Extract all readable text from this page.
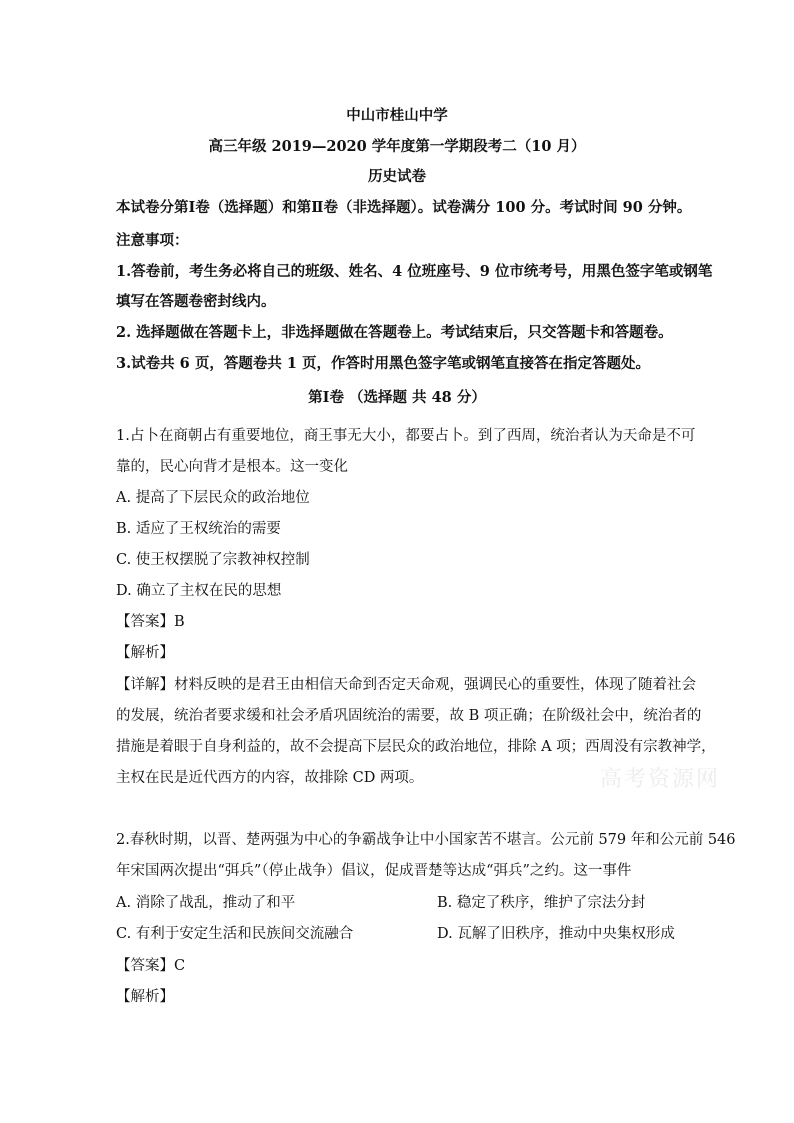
中山市桂山中学
高三年级 2019—2020 学年度第一学期段考二（10 月）
历史试卷
本试卷分第Ⅰ卷（选择题）和第Ⅱ卷（非选择题）。试卷满分 100 分。考试时间 90 分钟。
注意事项：
1.答卷前，考生务必将自己的班级、姓名、4 位班座号、9 位市统考号，用黑色签字笔或钢笔
填写在答题卷密封线内。
2. 选择题做在答题卡上，非选择题做在答题卷上。考试结束后，只交答题卡和答题卷。
3.试卷共 6 页，答题卷共 1 页，作答时用黑色签字笔或钢笔直接答在指定答题处。
第Ⅰ卷 （选择题 共 48 分）
1.占卜在商朝占有重要地位，商王事无大小，都要占卜。到了西周，统治者认为天命是不可
靠的，民心向背才是根本。这一变化
A. 提高了下层民众的政治地位
B. 适应了王权统治的需要
C. 使王权摆脱了宗教神权控制
D. 确立了主权在民的思想
【答案】B
【解析】
【详解】材料反映的是君王由相信天命到否定天命观，强调民心的重要性，体现了随着社会
的发展，统治者要求缓和社会矛盾巩固统治的需要，故 B 项正确；在阶级社会中，统治者的
措施是着眼于自身利益的，故不会提高下层民众的政治地位，排除 A 项；西周没有宗教神学，
主权在民是近代西方的内容，故排除 CD 两项。	高考资源网
2.春秋时期，以晋、楚两强为中心的争霸战争让中小国家苦不堪言。公元前 579 年和公元前 546
年宋国两次提出“弭兵”（停止战争）倡议，促成晋楚等达成“弭兵”之约。这一事件
A. 消除了战乱，推动了和平	B. 稳定了秩序，维护了宗法分封
C. 有利于安定生活和民族间交流融合	D. 瓦解了旧秩序，推动中央集权形成
【答案】C
【解析】
